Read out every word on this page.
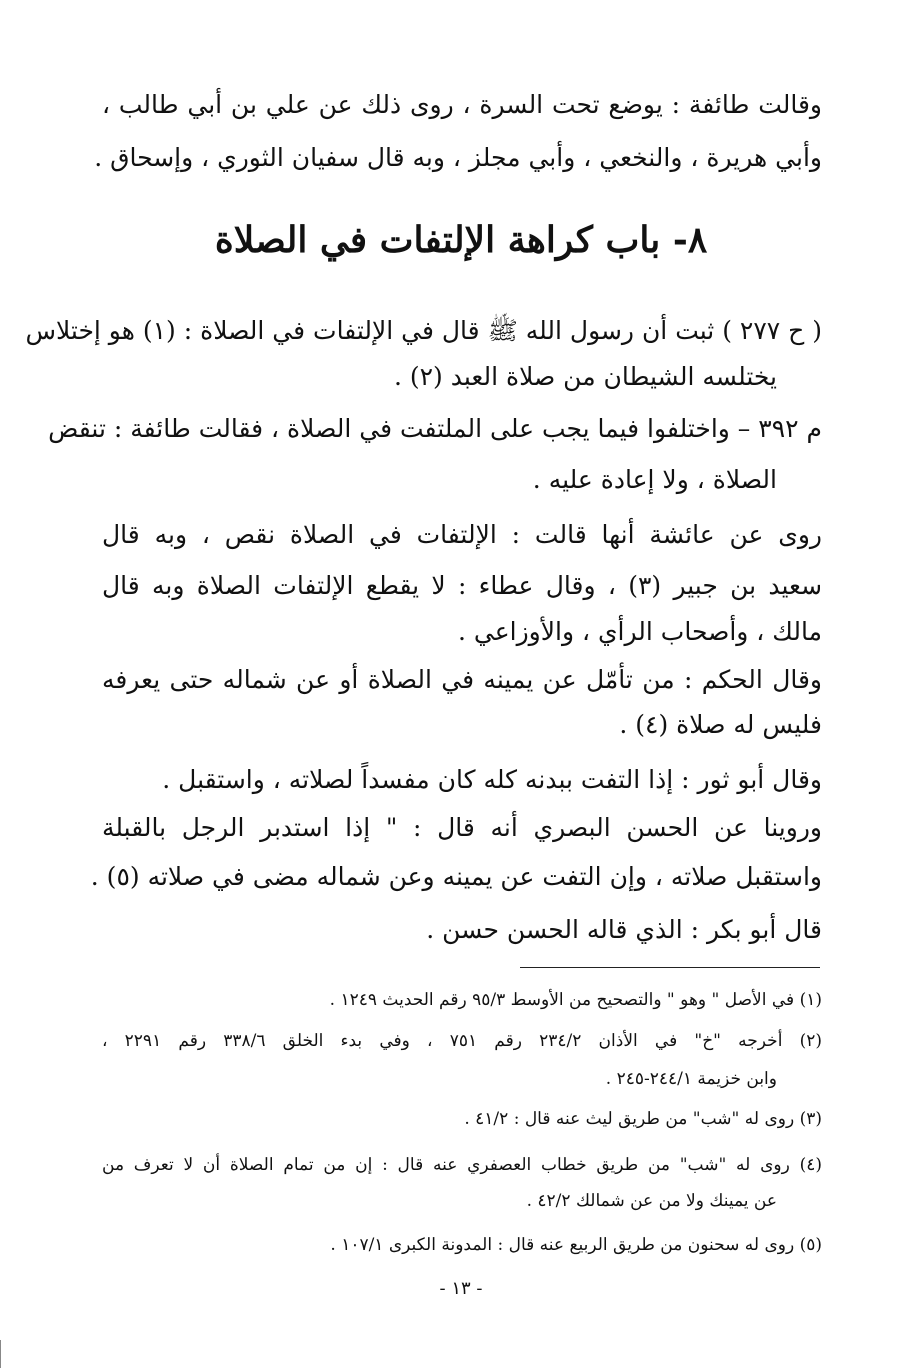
وقالت طائفة : يوضع تحت السرة ، روى ذلك عن علي بن أبي طالب ،
وأبي هريرة ، والنخعي ، وأبي مجلز ، وبه قال سفيان الثوري ، وإسحاق .
٨- باب كراهة الإلتفات في الصلاة
( ح ٢٧٧ ) ثبت أن رسول الله ﷺ قال في الإلتفات في الصلاة : (١) هو إختلاس
يختلسه الشيطان من صلاة العبد (٢) .
م ٣٩٢ – واختلفوا فيما يجب على الملتفت في الصلاة ، فقالت طائفة : تنقض
الصلاة ، ولا إعادة عليه .
روى عن عائشة أنها قالت : الإلتفات في الصلاة نقص ، وبه قال
سعيد بن جبير (٣) ، وقال عطاء : لا يقطع الإلتفات الصلاة وبه قال
مالك ، وأصحاب الرأي ، والأوزاعي .
وقال الحكم : من تأمّل عن يمينه في الصلاة أو عن شماله حتى يعرفه
فليس له صلاة (٤) .
وقال أبو ثور : إذا التفت ببدنه كله كان مفسداً لصلاته ، واستقبل .
وروينا عن الحسن البصري أنه قال : " إذا استدبر الرجل بالقبلة
واستقبل صلاته ، وإن التفت عن يمينه وعن شماله مضى في صلاته (٥) .
قال أبو بكر : الذي قاله الحسن حسن .
(١) في الأصل " وهو " والتصحيح من الأوسط ٩٥/٣ رقم الحديث ١٢٤٩ .
(٢) أخرجه "خ" في الأذان ٢٣٤/٢ رقم ٧٥١ ، وفي بدء الخلق ٣٣٨/٦ رقم ٢٢٩١ ،
وابن خزيمة ٢٤٤/١-٢٤٥ .
(٣) روى له "شب" من طريق ليث عنه قال : ٤١/٢ .
(٤) روى له "شب" من طريق خطاب العصفري عنه قال : إن من تمام الصلاة أن لا تعرف من
عن يمينك ولا من عن شمالك ٤٢/٢ .
(٥) روى له سحنون من طريق الربيع عنه قال : المدونة الكبرى ١٠٧/١ .
- ١٣ -
